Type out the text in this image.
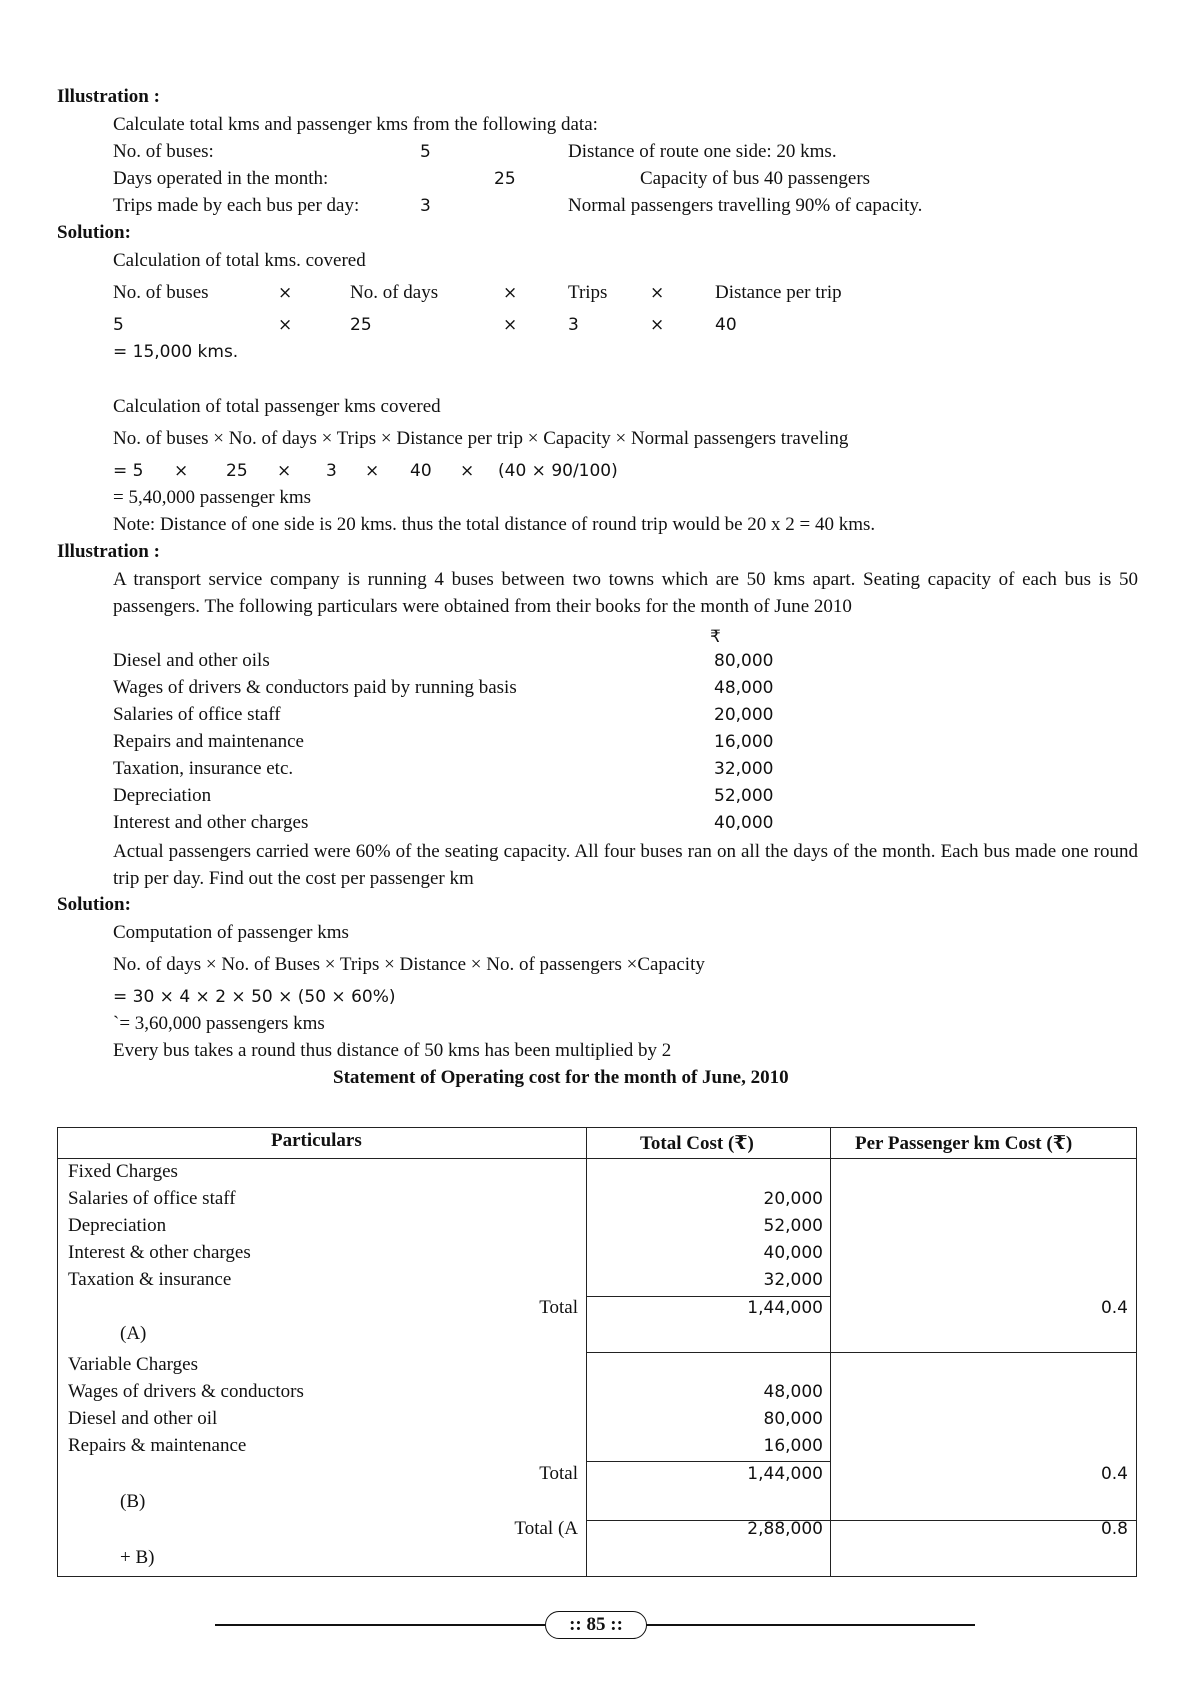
Illustration :
Calculate total kms and passenger kms from the following data:
No. of buses:	5	Distance of route one side: 20 kms.
Days operated in the month:	25	Capacity of bus 40 passengers
Trips made by each bus per day:	3	Normal passengers travelling 90% of capacity.
Solution:
Calculation of total kms. covered
No. of buses	×	No. of days	×	Trips	×	Distance per trip
5	×	25	×	3	×	40
= 15,000 kms.
Calculation of total passenger kms covered
No. of buses × No. of days × Trips × Distance per trip × Capacity × Normal passengers traveling
= 5 × 25 × 3 × 40 × (40 × 90/100)
= 5,40,000 passenger kms
Note: Distance of one side is 20 kms. thus the total distance of round trip would be 20 x 2 = 40 kms.
Illustration :
A transport service company is running 4 buses between two towns which are 50 kms apart. Seating capacity of each bus is 50 passengers. The following particulars were obtained from their books for the month of June 2010
₹
Diesel and other oils	80,000
Wages of drivers & conductors paid by running basis	48,000
Salaries of office staff	20,000
Repairs and maintenance	16,000
Taxation, insurance etc.	32,000
Depreciation	52,000
Interest and other charges	40,000
Actual passengers carried were 60% of the seating capacity. All four buses ran on all the days of the month. Each bus made one round trip per day. Find out the cost per passenger km
Solution:
Computation of passenger kms
No. of days × No. of Buses × Trips × Distance × No. of passengers ×Capacity
= 30 × 4 × 2 × 50 × (50 × 60%)
`= 3,60,000 passengers kms
Every bus takes a round thus distance of 50 kms has been multiplied by 2
Statement of Operating cost for the month of June, 2010
Particulars	Total Cost (₹)	Per Passenger km Cost (₹)
Fixed Charges
Salaries of office staff	20,000
Depreciation	52,000
Interest & other charges	40,000
Taxation & insurance	32,000
Total	1,44,000	0.4
(A)
Variable Charges
Wages of drivers & conductors	48,000
Diesel and other oil	80,000
Repairs & maintenance	16,000
Total	1,44,000	0.4
(B)
Total (A	2,88,000	0.8
+ B)
:: 85 ::
